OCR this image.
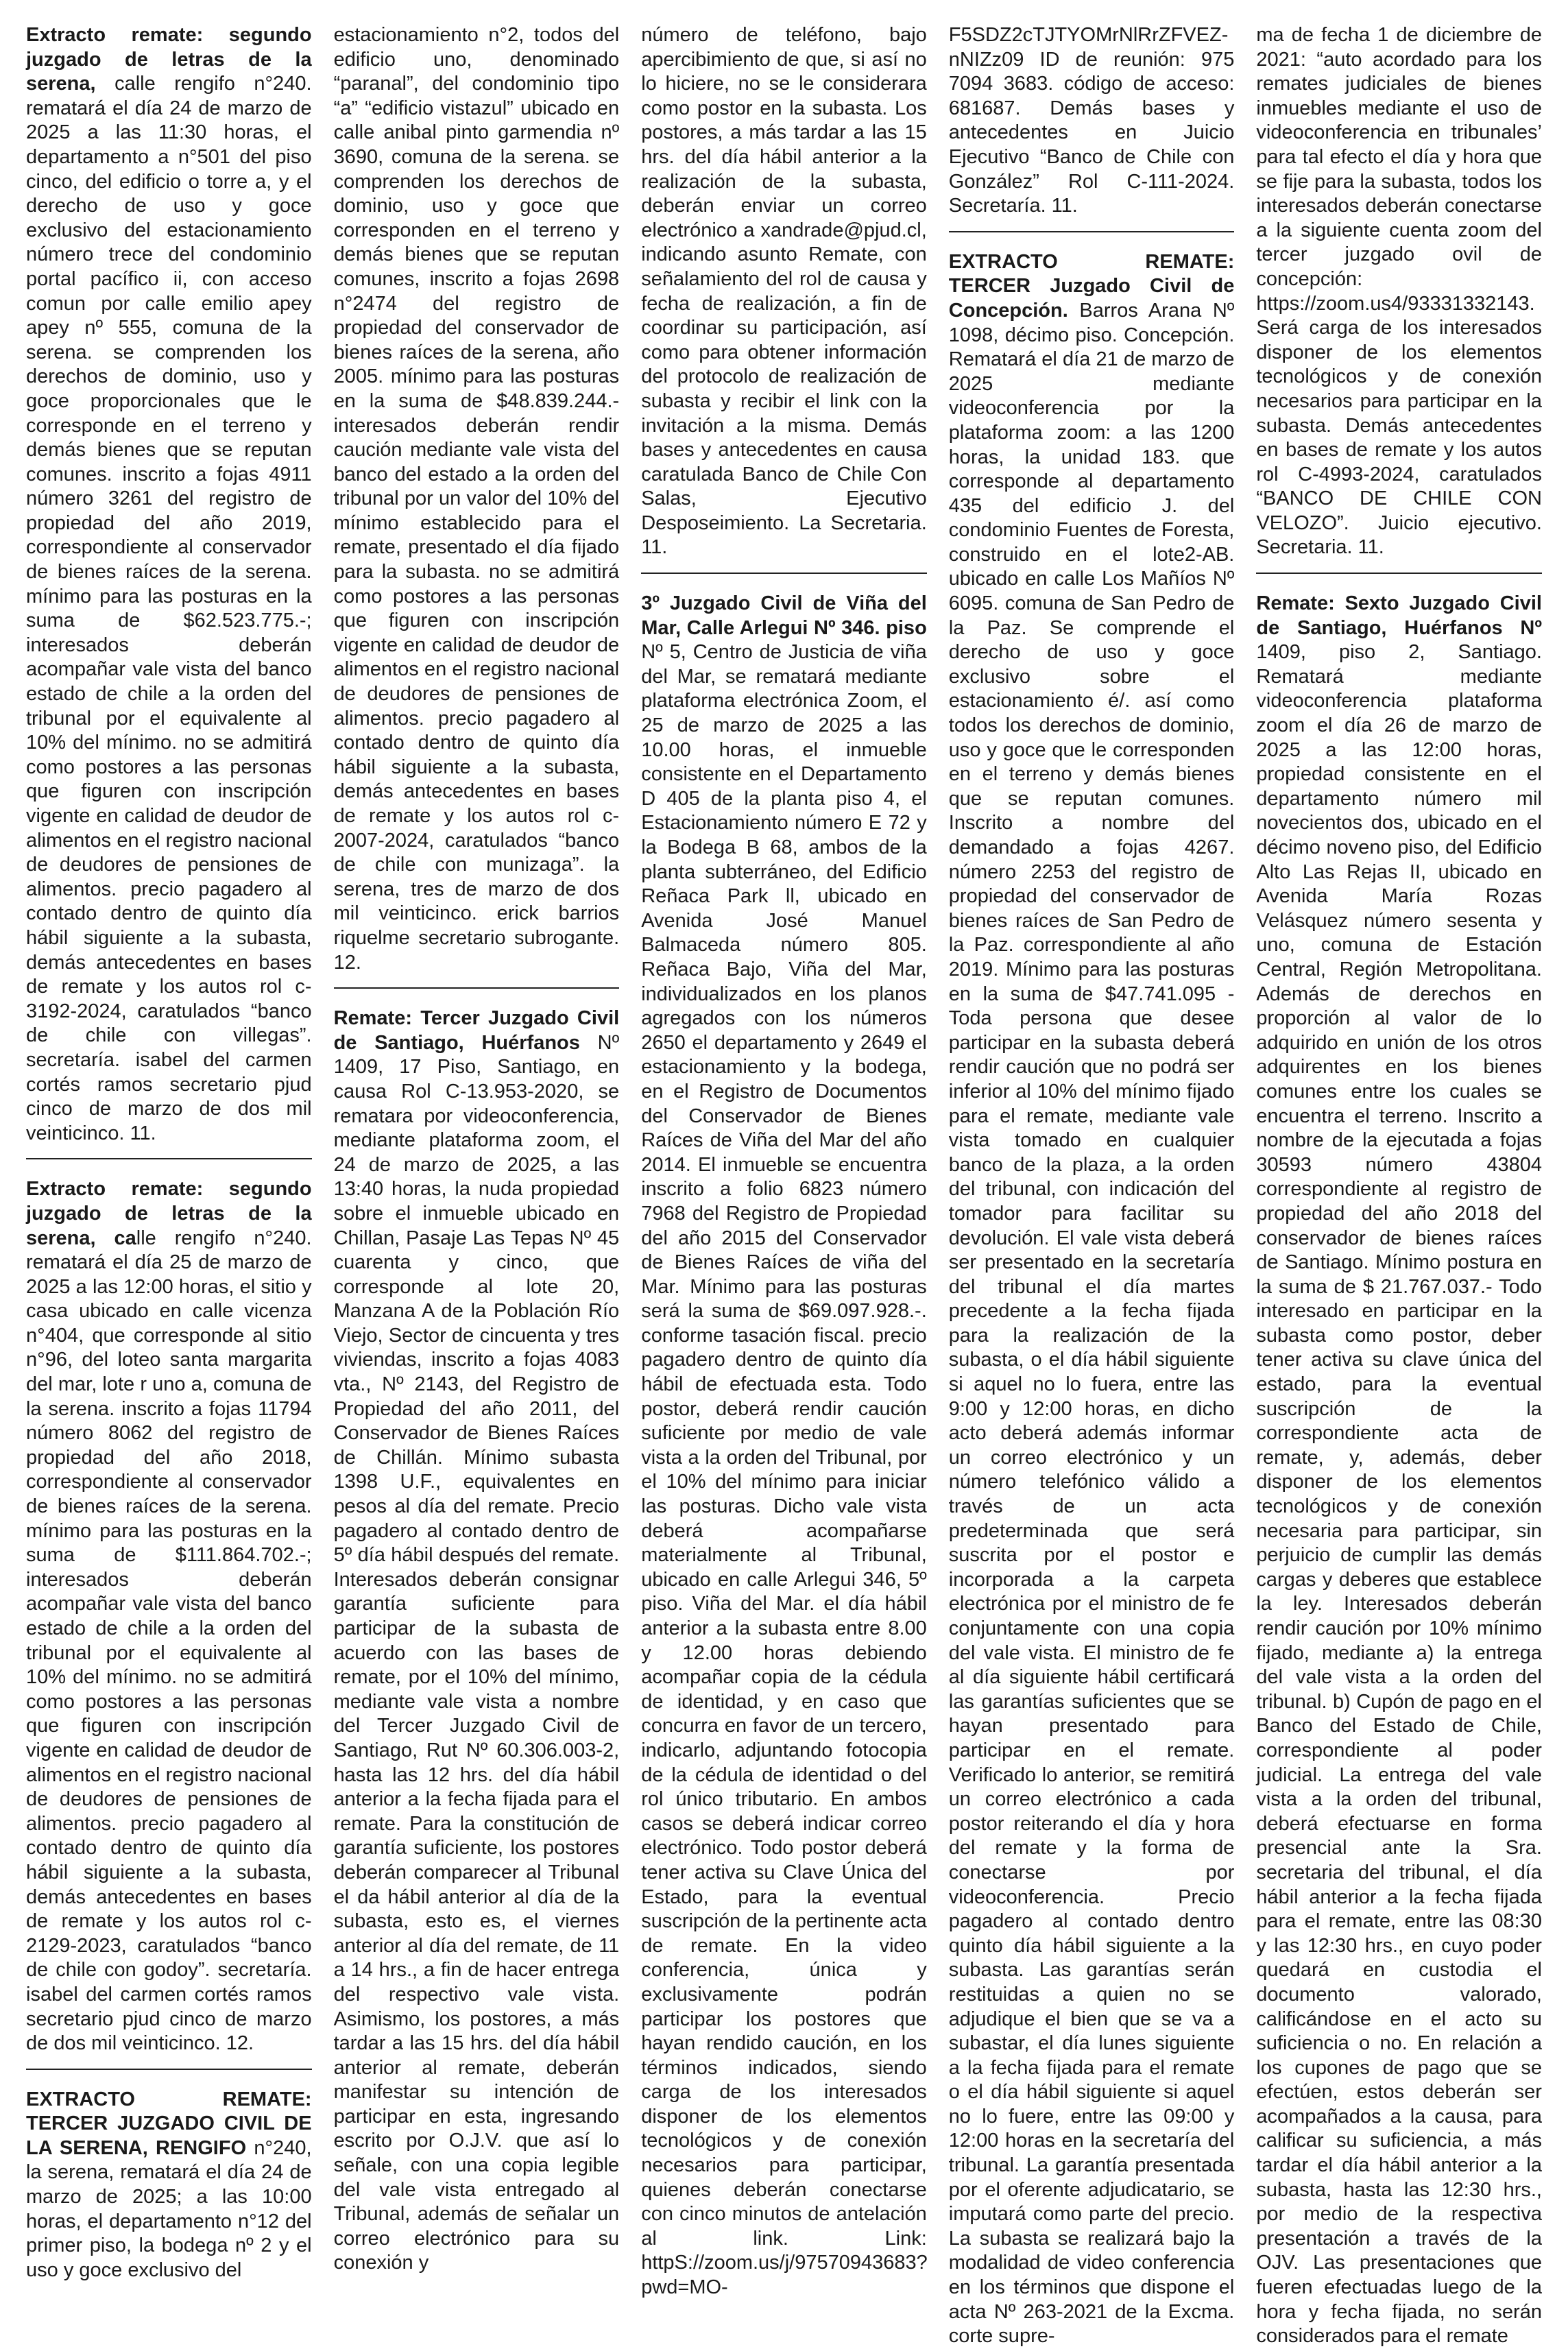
Extracto remate: segundo juzgado de letras de la serena, calle rengifo n°240. rematará el día 24 de marzo de 2025 a las 11:30 horas, el departamento a n°501 del piso cinco, del edificio o torre a, y el derecho de uso y goce exclusivo del estacionamiento número trece del condominio portal pacífico ii, con acceso comun por calle emilio apey apey nº 555, comuna de la serena. se comprenden los derechos de dominio, uso y goce proporcionales que le corresponde en el terreno y demás bienes que se reputan comunes. inscrito a fojas 4911 número 3261 del registro de propiedad del año 2019, correspondiente al conservador de bienes raíces de la serena. mínimo para las posturas en la suma de $62.523.775.-; interesados deberán acompañar vale vista del banco estado de chile a la orden del tribunal por el equivalente al 10% del mínimo. no se admitirá como postores a las personas que figuren con inscripción vigente en calidad de deudor de alimentos en el registro nacional de deudores de pensiones de alimentos. precio pagadero al contado dentro de quinto día hábil siguiente a la subasta, demás antecedentes en bases de remate y los autos rol c-3192-2024, caratulados “banco de chile con villegas”. secretaría. isabel del carmen cortés ramos secretario pjud cinco de marzo de dos mil veinticinco. 11.
Extracto remate: segundo juzgado de letras de la serena, calle rengifo n°240. rematará el día 25 de marzo de 2025 a las 12:00 horas, el sitio y casa ubicado en calle vicenza n°404, que corresponde al sitio n°96, del loteo santa margarita del mar, lote r uno a, comuna de la serena. inscrito a fojas 11794 número 8062 del registro de propiedad del año 2018, correspondiente al conservador de bienes raíces de la serena. mínimo para las posturas en la suma de $111.864.702.-; interesados deberán acompañar vale vista del banco estado de chile a la orden del tribunal por el equivalente al 10% del mínimo. no se admitirá como postores a las personas que figuren con inscripción vigente en calidad de deudor de alimentos en el registro nacional de deudores de pensiones de alimentos. precio pagadero al contado dentro de quinto día hábil siguiente a la subasta, demás antecedentes en bases de remate y los autos rol c-2129-2023, caratulados “banco de chile con godoy”. secretaría. isabel del carmen cortés ramos secretario pjud cinco de marzo de dos mil veinticinco. 12.
EXTRACTO REMATE: TERCER JUZGADO CIVIL DE LA SERENA, RENGIFO n°240, la serena, rematará el día 24 de marzo de 2025; a las 10:00 horas, el departamento n°12 del primer piso, la bodega nº 2 y el uso y goce exclusivo del
estacionamiento n°2, todos del edificio uno, denominado “paranal”, del condominio tipo “a” “edificio vistazul” ubicado en calle anibal pinto garmendia nº 3690, comuna de la serena. se comprenden los derechos de dominio, uso y goce que corresponden en el terreno y demás bienes que se reputan comunes, inscrito a fojas 2698 n°2474 del registro de propiedad del conservador de bienes raíces de la serena, año 2005. mínimo para las posturas en la suma de $48.839.244.- interesados deberán rendir caución mediante vale vista del banco del estado a la orden del tribunal por un valor del 10% del mínimo establecido para el remate, presentado el día fijado para la subasta. no se admitirá como postores a las personas que figuren con inscripción vigente en calidad de deudor de alimentos en el registro nacional de deudores de pensiones de alimentos. precio pagadero al contado dentro de quinto día hábil siguiente a la subasta, demás antecedentes en bases de remate y los autos rol c-2007-2024, caratulados “banco de chile con munizaga”. la serena, tres de marzo de dos mil veinticinco. erick barrios riquelme secretario subrogante. 12.
Remate: Tercer Juzgado Civil de Santiago, Huérfanos Nº 1409, 17 Piso, Santiago, en causa Rol C-13.953-2020, se rematara por videoconferencia, mediante plataforma zoom, el 24 de marzo de 2025, a las 13:40 horas, la nuda propiedad sobre el inmueble ubicado en Chillan, Pasaje Las Tepas Nº 45 cuarenta y cinco, que corresponde al lote 20, Manzana A de la Población Río Viejo, Sector de cincuenta y tres viviendas, inscrito a fojas 4083 vta., Nº 2143, del Registro de Propiedad del año 2011, del Conservador de Bienes Raíces de Chillán. Mínimo subasta 1398 U.F., equivalentes en pesos al día del remate. Precio pagadero al contado dentro de 5º día hábil después del remate. Interesados deberán consignar garantía suficiente para participar de la subasta de acuerdo con las bases de remate, por el 10% del mínimo, mediante vale vista a nombre del Tercer Juzgado Civil de Santiago, Rut Nº 60.306.003-2, hasta las 12 hrs. del día hábil anterior a la fecha fijada para el remate. Para la constitución de garantía suficiente, los postores deberán comparecer al Tribunal el da hábil anterior al día de la subasta, esto es, el viernes anterior al día del remate, de 11 a 14 hrs., a fin de hacer entrega del respectivo vale vista. Asimismo, los postores, a más tardar a las 15 hrs. del día hábil anterior al remate, deberán manifestar su intención de participar en esta, ingresando escrito por O.J.V. que así lo señale, con una copia legible del vale vista entregado al Tribunal, además de señalar un correo electrónico para su conexión y
número de teléfono, bajo apercibimiento de que, si así no lo hiciere, no se le considerara como postor en la subasta. Los postores, a más tardar a las 15 hrs. del día hábil anterior a la realización de la subasta, deberán enviar un correo electrónico a xandrade@pjud.cl, indicando asunto Remate, con señalamiento del rol de causa y fecha de realización, a fin de coordinar su participación, así como para obtener información del protocolo de realización de subasta y recibir el link con la invitación a la misma. Demás bases y antecedentes en causa caratulada Banco de Chile Con Salas, Ejecutivo Desposeimiento. La Secretaria. 11.
3º Juzgado Civil de Viña del Mar, Calle Arlegui Nº 346. piso Nº 5, Centro de Justicia de viña del Mar, se rematará mediante plataforma electrónica Zoom, el 25 de marzo de 2025 a las 10.00 horas, el inmueble consistente en el Departamento D 405 de la planta piso 4, el Estacionamiento número E 72 y la Bodega B 68, ambos de la planta subterráneo, del Edificio Reñaca Park ll, ubicado en Avenida José Manuel Balmaceda número 805. Reñaca Bajo, Viña del Mar, individualizados en los planos agregados con los números 2650 el departamento y 2649 el estacionamiento y la bodega, en el Registro de Documentos del Conservador de Bienes Raíces de Viña del Mar del año 2014. El inmueble se encuentra inscrito a folio 6823 número 7968 del Registro de Propiedad del año 2015 del Conservador de Bienes Raíces de viña del Mar. Mínimo para las posturas será la suma de $69.097.928.-. conforme tasación fiscal. precio pagadero dentro de quinto día hábil de efectuada esta. Todo postor, deberá rendir caución suficiente por medio de vale vista a la orden del Tribunal, por el 10% del mínimo para iniciar las posturas. Dicho vale vista deberá acompañarse materialmente al Tribunal, ubicado en calle Arlegui 346, 5º piso. Viña del Mar. el día hábil anterior a la subasta entre 8.00 y 12.00 horas debiendo acompañar copia de la cédula de identidad, y en caso que concurra en favor de un tercero, indicarlo, adjuntando fotocopia de la cédula de identidad o del rol único tributario. En ambos casos se deberá indicar correo electrónico. Todo postor deberá tener activa su Clave Única del Estado, para la eventual suscripción de la pertinente acta de remate. En la video conferencia, única y exclusivamente podrán participar los postores que hayan rendido caución, en los términos indicados, siendo carga de los interesados disponer de los elementos tecnológicos y de conexión necesarios para participar, quienes deberán conectarse con cinco minutos de antelación al link. Link: httpS://zoom.us/j/97570943683?pwd=MO-
F5SDZ2cTJTYOMrNlRrZFVEZ-nNIZz09 ID de reunión: 975 7094 3683. código de acceso: 681687. Demás bases y antecedentes en Juicio Ejecutivo “Banco de Chile con González” Rol C-111-2024. Secretaría. 11.
EXTRACTO REMATE: TERCER Juzgado Civil de Concepción. Barros Arana Nº 1098, décimo piso. Concepción. Rematará el día 21 de marzo de 2025 mediante videoconferencia por la plataforma zoom: a las 1200 horas, la unidad 183. que corresponde al departamento 435 del edificio J. del condominio Fuentes de Foresta, construido en el lote2-AB. ubicado en calle Los Mañíos Nº 6095. comuna de San Pedro de la Paz. Se comprende el derecho de uso y goce exclusivo sobre el estacionamiento é/. así como todos los derechos de dominio, uso y goce que le corresponden en el terreno y demás bienes que se reputan comunes. Inscrito a nombre del demandado a fojas 4267. número 2253 del registro de propiedad del conservador de bienes raíces de San Pedro de la Paz. correspondiente al año 2019. Mínimo para las posturas en la suma de $47.741.095 - Toda persona que desee participar en la subasta deberá rendir caución que no podrá ser inferior al 10% del mínimo fijado para el remate, mediante vale vista tomado en cualquier banco de la plaza, a la orden del tribunal, con indicación del tomador para facilitar su devolución. El vale vista deberá ser presentado en la secretaría del tribunal el día martes precedente a la fecha fijada para la realización de la subasta, o el día hábil siguiente si aquel no lo fuera, entre las 9:00 y 12:00 horas, en dicho acto deberá además informar un correo electrónico y un número telefónico válido a través de un acta predeterminada que será suscrita por el postor e incorporada a la carpeta electrónica por el ministro de fe conjuntamente con una copia del vale vista. El ministro de fe al día siguiente hábil certificará las garantías suficientes que se hayan presentado para participar en el remate. Verificado lo anterior, se remitirá un correo electrónico a cada postor reiterando el día y hora del remate y la forma de conectarse por videoconferencia. Precio pagadero al contado dentro quinto día hábil siguiente a la subasta. Las garantías serán restituidas a quien no se adjudique el bien que se va a subastar, el día lunes siguiente a la fecha fijada para el remate o el día hábil siguiente si aquel no lo fuere, entre las 09:00 y 12:00 horas en la secretaría del tribunal. La garantía presentada por el oferente adjudicatario, se imputará como parte del precio. La subasta se realizará bajo la modalidad de video conferencia en los términos que dispone el acta Nº 263-2021 de la Excma. corte supre-
ma de fecha 1 de diciembre de 2021: “auto acordado para los remates judiciales de bienes inmuebles mediante el uso de videoconferencia en tribunales’ para tal efecto el día y hora que se fije para la subasta, todos los interesados deberán conectarse a la siguiente cuenta zoom del tercer juzgado ovil de concepción: https://zoom.us4/93331332143. Será carga de los interesados disponer de los elementos tecnológicos y de conexión necesarios para participar en la subasta. Demás antecedentes en bases de remate y los autos rol C-4993-2024, caratulados “BANCO DE CHILE CON VELOZO”. Juicio ejecutivo. Secretaria. 11.
Remate: Sexto Juzgado Civil de Santiago, Huérfanos Nº 1409, piso 2, Santiago. Rematará mediante videoconferencia plataforma zoom el día 26 de marzo de 2025 a las 12:00 horas, propiedad consistente en el departamento número mil novecientos dos, ubicado en el décimo noveno piso, del Edificio Alto Las Rejas II, ubicado en Avenida María Rozas Velásquez número sesenta y uno, comuna de Estación Central, Región Metropolitana. Además de derechos en proporción al valor de lo adquirido en unión de los otros adquirentes en los bienes comunes entre los cuales se encuentra el terreno. Inscrito a nombre de la ejecutada a fojas 30593 número 43804 correspondiente al registro de propiedad del año 2018 del conservador de bienes raíces de Santiago. Mínimo postura en la suma de $ 21.767.037.- Todo interesado en participar en la subasta como postor, deber tener activa su clave única del estado, para la eventual suscripción de la correspondiente acta de remate, y, además, deber disponer de los elementos tecnológicos y de conexión necesaria para participar, sin perjuicio de cumplir las demás cargas y deberes que establece la ley. Interesados deberán rendir caución por 10% mínimo fijado, mediante a) la entrega del vale vista a la orden del tribunal. b) Cupón de pago en el Banco del Estado de Chile, correspondiente al poder judicial. La entrega del vale vista a la orden del tribunal, deberá efectuarse en forma presencial ante la Sra. secretaria del tribunal, el día hábil anterior a la fecha fijada para el remate, entre las 08:30 y las 12:30 hrs., en cuyo poder quedará en custodia el documento valorado, calificándose en el acto su suficiencia o no. En relación a los cupones de pago que se efectúen, estos deberán ser acompañados a la causa, para calificar su suficiencia, a más tardar el día hábil anterior a la subasta, hasta las 12:30 hrs., por medio de la respectiva presentación a través de la OJV. Las presentaciones que fueren efectuadas luego de la hora y fecha fijada, no serán considerados para el remate
